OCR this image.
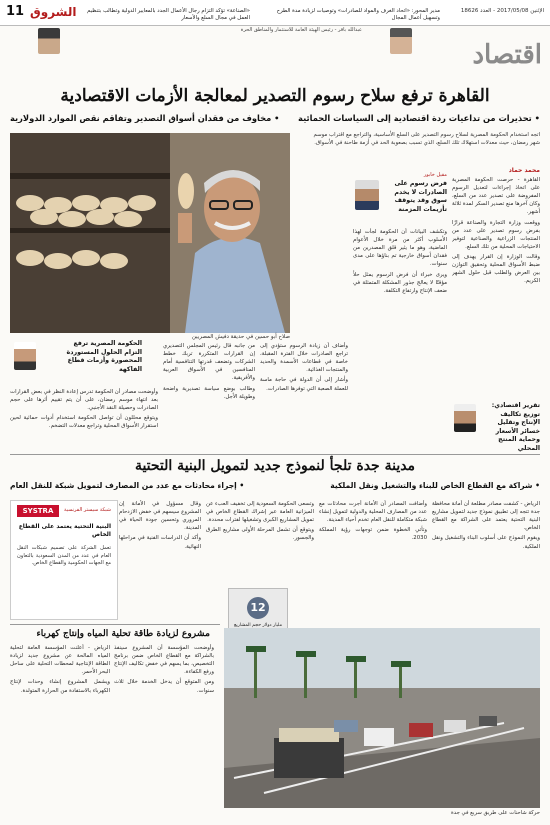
11 الشروق	الإثنين 2017/05/08 - العدد 18626
«الصناعة» تؤكد التزام رجال الأعمال الجدد بالمعايير الدولية وتطالب بتنظيم العمل في مجال السلع والأسعار
مدير المحور: «اتحاد الغرف والمواد للصادرات» وتوصيات لزيادة مدة الطرح وتسهيل أعمال المجال
عبدالله باقر - رئيس الهيئة العامة للاستثمار والمناطق الحرة
اقتصاد
القاهرة ترفع سلاح رسوم التصدير لمعالجة الأزمات الاقتصادية
• تحذيرات من تداعيات ردة اقتصادية إلى السياسات الحمائية
• مخاوف من فقدان أسواق التصدير وتفاقم نقص الموارد الدولارية
اتجه استخدام الحكومة المصرية لسلاح رسوم التصدير على السلع الأساسية، والتراجع مع اقتراب موسم شهر رمضان، حيث معدلات استهلاك تلك السلع، الذي تسبب بصعوبة الحد في أزمة طاحنة في الأسواق.
محمد حماد
صلاح أبو حسين في حديقة دفيش المصريين

القاهرة - حرصت الحكومة المصرية على اتخاذ إجراءات لتعديل الرسوم المفروضة على تصدير عدد من السلع، وكان آخرها منع تصدير السكر لمدة ثلاثة أشهر.

ووقعت وزارة التجارة والصناعة قرارًا بفرض رسوم تصدير على عدد من المنتجات الزراعية والصناعية لتوفير الاحتياجات المحلية من تلك السلع.

وقالت الوزارة إن القرار يهدف إلى ضبط الأسواق المحلية وتحقيق التوازن بين العرض والطلب قبل حلول الشهر الكريم.

مقيل خابور
فرض رسوم على الصادرات لا يخدم سوق وقد يتوقف تأزيمات المزمنة

وتكشف البيانات أن الحكومة لجأت لهذا الأسلوب أكثر من مرة خلال الأعوام الماضية، وهو ما يثير قلق المصدرين من فقدان أسواق خارجية تم بناؤها على مدى سنوات.

ويرى خبراء أن فرض الرسوم يمثل حلاً مؤقتًا لا يعالج جذور المشكلة المتمثلة في ضعف الإنتاج وارتفاع التكلفة.

وأضاف أن زيادة الرسوم ستؤدي إلى تراجع الصادرات خلال الفترة المقبلة، خاصة في قطاعات الأسمدة والحديد والمنتجات الغذائية.

وأشار إلى أن الدولة في حاجة ماسة للعملة الصعبة التي توفرها الصادرات.

من جانبه قال رئيس المجلس التصديري إن القرارات المتكررة تربك خطط الشركات وتضعف قدرتها التنافسية أمام المنافسين في الأسواق العربية والأفريقية.

وطالب بوضع سياسة تصديرية واضحة وطويلة الأجل.

الحكومة المصرية ترفع التزام الحلول المستوردة المحصورة وأزمات قطاع الفاكهة

وأوضحت مصادر أن الحكومة تدرس إعادة النظر في بعض القرارات بعد انتهاء موسم رمضان، على أن يتم تقييم أثرها على حجم الصادرات وحصيلة النقد الأجنبي.

ويتوقع محللون أن تواصل الحكومة استخدام أدوات حمائية لحين استقرار الأسواق المحلية وتراجع معدلات التضخم.

تقرير اقتصادي: توزيع تكاليف الإنتاج وتقليل خسائر الأسعار وحماية المنتج المحلي
مدينة جدة تلجأ لنموذج جديد لتمويل البنية التحتية
• شراكة مع القطاع الخاص للبناء والتشغيل ونقل الملكية
• إجراء محادثات مع عدد من المصارف لتمويل شبكة للنقل العام

الرياض - كشفت مصادر مطلعة أن أمانة محافظة جدة تتجه إلى تطبيق نموذج جديد لتمويل مشاريع البنية التحتية يعتمد على الشراكة مع القطاع الخاص.

ويقوم النموذج على أسلوب البناء والتشغيل ونقل الملكية.

وأضافت المصادر أن الأمانة أجرت محادثات مع عدد من المصارف المحلية والدولية لتمويل إنشاء شبكة متكاملة للنقل العام تخدم أحياء المدينة.

وتأتي الخطوة ضمن توجهات رؤية المملكة 2030.

وتسعى الحكومة السعودية إلى تخفيف العبء عن الميزانية العامة عبر إشراك القطاع الخاص في تمويل المشاريع الكبرى وتشغيلها لفترات محددة.

ويتوقع أن تشمل المرحلة الأولى مشاريع الطرق والجسور.

وقال مسؤول في الأمانة إن المشروع سيسهم في خفض الازدحام المروري وتحسين جودة الحياة في المدينة.

وأكد أن الدراسات الفنية في مراحلها النهائية.

SYSTRA	شبكة سيستر الفرنسية
البنية التحتية يعتمد على القطاع الخاص
تعمل الشركة على تصميم شبكات النقل العام في عدد من المدن السعودية بالتعاون مع الجهات الحكومية والقطاع الخاص.
12
مليار دولار حجم المشاريع
مشروع لزيادة طاقة تحلية المياه وإنتاج كهرباء

الرياض - أعلنت المؤسسة العامة لتحلية المياه المالحة عن مشروع جديد لزيادة الطاقة الإنتاجية لمحطات التحلية على ساحل البحر الأحمر.

ويشمل المشروع إنشاء وحدات لإنتاج الكهرباء بالاستفادة من الحرارة المتولدة.

وأوضحت المؤسسة أن المشروع سينفذ بالشراكة مع القطاع الخاص ضمن برنامج التخصيص، بما يسهم في خفض تكاليف الإنتاج ورفع الكفاءة.

ومن المتوقع أن يدخل الخدمة خلال ثلاث سنوات.

حركة شاحنات على طريق سريع في جدة
